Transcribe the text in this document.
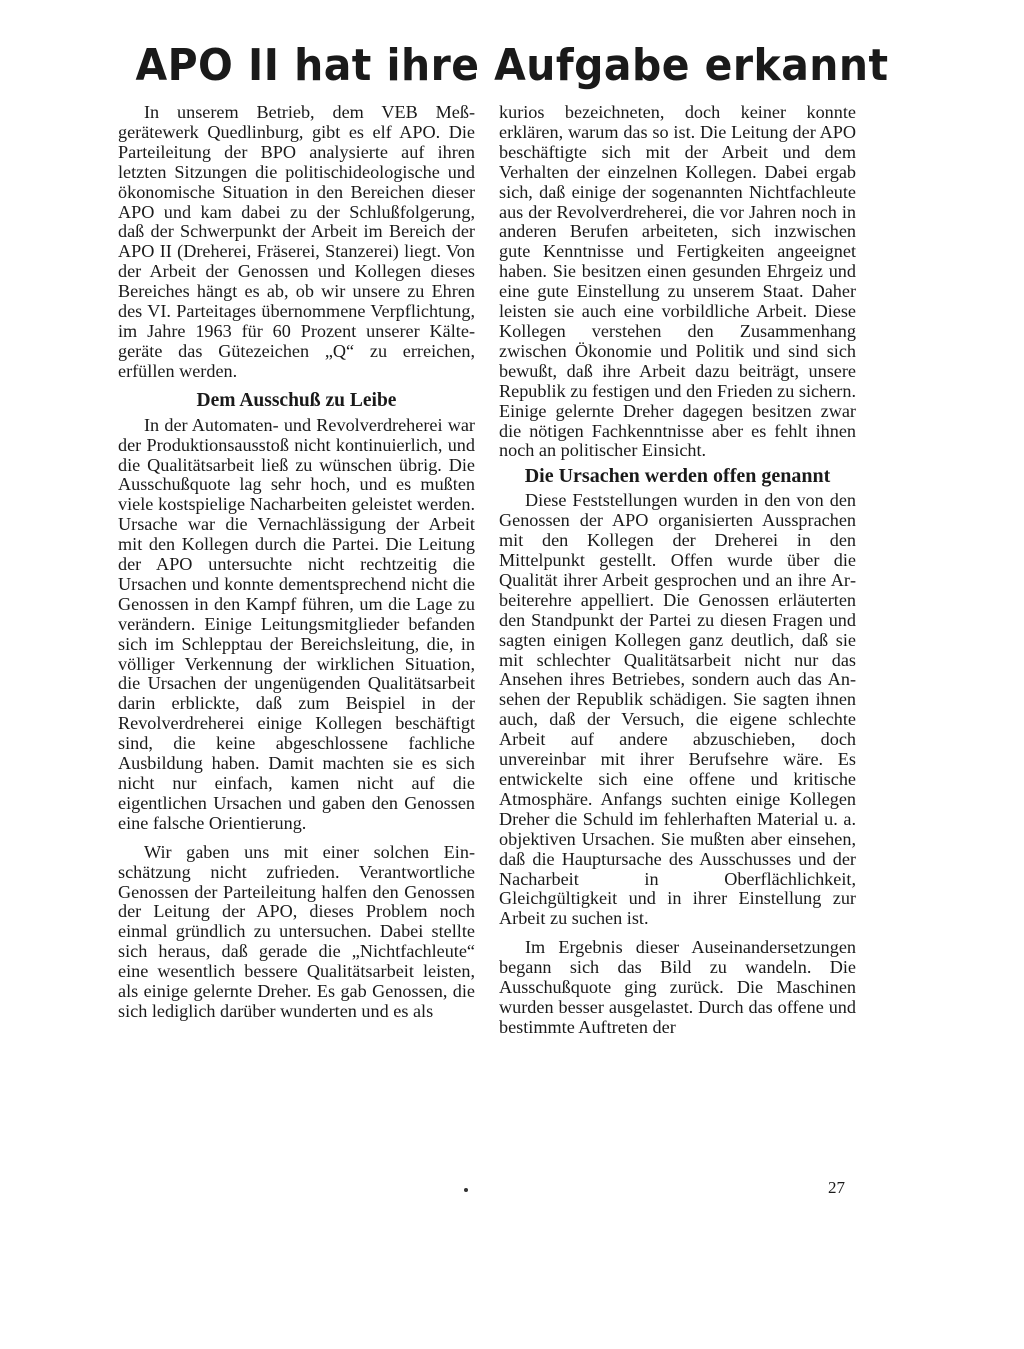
APO II hat ihre Aufgabe erkannt

In unserem Betrieb, dem VEB Meßgerätewerk Quedlinburg, gibt es elf APO. Die Parteileitung der BPO analysierte auf ihren letzten Sitzungen die politischideologische und ökonomische Situation in den Bereichen dieser APO und kam dabei zu der Schlußfolgerung, daß der Schwerpunkt der Arbeit im Bereich der APO II (Dreherei, Fräserei, Stanzerei) liegt. Von der Arbeit der Genossen und Kollegen dieses Bereiches hängt es ab, ob wir unsere zu Ehren des VI. Parteitages übernommene Verpflichtung, im Jahre 1963 für 60 Prozent unserer Kältegeräte das Gütezeichen „Q“ zu erreichen, erfüllen werden.

Dem Ausschuß zu Leibe

In der Automaten- und Revolverdreherei war der Produktionsausstoß nicht kontinuierlich, und die Qualitätsarbeit ließ zu wünschen übrig. Die Ausschußquote lag sehr hoch, und es mußten viele kostspielige Nacharbeiten geleistet werden. Ursache war die Vernachlässigung der Arbeit mit den Kollegen durch die Partei. Die Leitung der APO untersuchte nicht rechtzeitig die Ursachen und konnte dementsprechend nicht die Genossen in den Kampf führen, um die Lage zu verändern. Einige Leitungsmitglieder befanden sich im Schlepptau der Bereichsleitung, die, in völliger Verkennung der wirklichen Situation, die Ursachen der ungenügenden Qualitätsarbeit darin erblickte, daß zum Beispiel in der Revolverdreherei einige Kollegen beschäftigt sind, die keine abgeschlossene fachliche Ausbildung haben. Damit machten sie es sich nicht nur einfach, kamen nicht auf die eigentlichen Ursachen und gaben den Genossen eine falsche Orientierung.

Wir gaben uns mit einer solchen Einschätzung nicht zufrieden. Verantwortliche Genossen der Parteileitung halfen den Genossen der Leitung der APO, dieses Problem noch einmal gründlich zu untersuchen. Dabei stellte sich heraus, daß gerade die „Nichtfachleute“ eine wesentlich bessere Qualitätsarbeit leisten, als einige gelernte Dreher. Es gab Genossen, die sich lediglich darüber wunderten und es als

kurios bezeichneten, doch keiner konnte erklären, warum das so ist. Die Leitung der APO beschäftigte sich mit der Arbeit und dem Verhalten der einzelnen Kollegen. Dabei ergab sich, daß einige der sogenannten Nichtfachleute aus der Revolverdreherei, die vor Jahren noch in anderen Berufen arbeiteten, sich inzwischen gute Kenntnisse und Fertigkeiten angeeignet haben. Sie besitzen einen gesunden Ehrgeiz und eine gute Einstellung zu unserem Staat. Daher leisten sie auch eine vorbildliche Arbeit. Diese Kollegen verstehen den Zusammenhang zwischen Ökonomie und Politik und sind sich bewußt, daß ihre Arbeit dazu beiträgt, unsere Republik zu festigen und den Frieden zu sichern. Einige gelernte Dreher dagegen besitzen zwar die nötigen Fachkenntnisse aber es fehlt ihnen noch an politischer Einsicht.

Die Ursachen werden offen genannt

Diese Feststellungen wurden in den von den Genossen der APO organisierten Aussprachen mit den Kollegen der Dreherei in den Mittelpunkt gestellt. Offen wurde über die Qualität ihrer Arbeit gesprochen und an ihre Arbeiterehre appelliert. Die Genossen erläuterten den Standpunkt der Partei zu diesen Fragen und sagten einigen Kollegen ganz deutlich, daß sie mit schlechter Qualitätsarbeit nicht nur das Ansehen ihres Betriebes, sondern auch das Ansehen der Republik schädigen. Sie sagten ihnen auch, daß der Versuch, die eigene schlechte Arbeit auf andere abzuschieben, doch unvereinbar mit ihrer Berufsehre wäre. Es entwickelte sich eine offene und kritische Atmosphäre. Anfangs suchten einige Kollegen Dreher die Schuld im fehlerhaften Material u. a. objektiven Ursachen. Sie mußten aber einsehen, daß die Hauptursache des Ausschusses und der Nacharbeit in Oberflächlichkeit, Gleichgültigkeit und in ihrer Einstellung zur Arbeit zu suchen ist.

Im Ergebnis dieser Auseinandersetzungen begann sich das Bild zu wandeln. Die Ausschußquote ging zurück. Die Maschinen wurden besser ausgelastet. Durch das offene und bestimmte Auftreten der

27
